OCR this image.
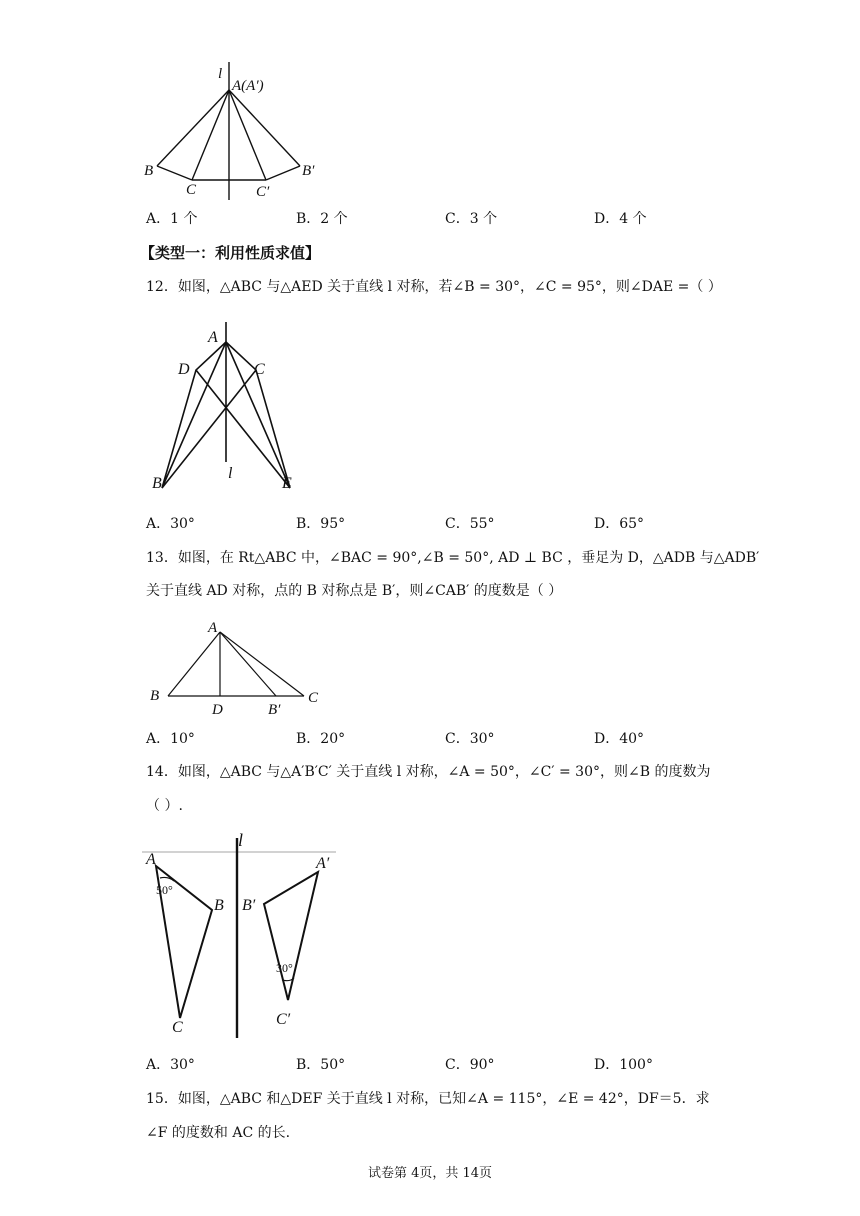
l
A(A′)
B
C	C′
B′
A．1 个	B．2 个	C．3 个	D．4 个
【类型一：利用性质求值】
12．如图，△ABC 与△AED 关于直线 l 对称，若∠B = 30°，∠C = 95°，则∠DAE =（ ）
A
D	C
B	E
l
A．30°	B．95°	C．55°	D．65°
13．如图，在 Rt△ABC 中，∠BAC = 90°,∠B = 50°, AD ⊥ BC ，垂足为 D，△ADB 与△ADB′
关于直线 AD 对称，点的 B 对称点是 B′，则∠CAB′ 的度数是（ ）
A
B
D	B′
C
A．10°	B．20°	C．30°	D．40°
14．如图，△ABC 与△A′B′C′ 关于直线 l 对称，∠A = 50°，∠C′ = 30°，则∠B 的度数为
（ ）.
A
B
C
50°
l
A′
B′
C′
30°
A．30°	B．50°	C．90°	D．100°
15．如图，△ABC 和△DEF 关于直线 l 对称，已知∠A = 115°，∠E = 42°，DF＝5．求
∠F 的度数和 AC 的长.
试卷第 4页，共 14页
